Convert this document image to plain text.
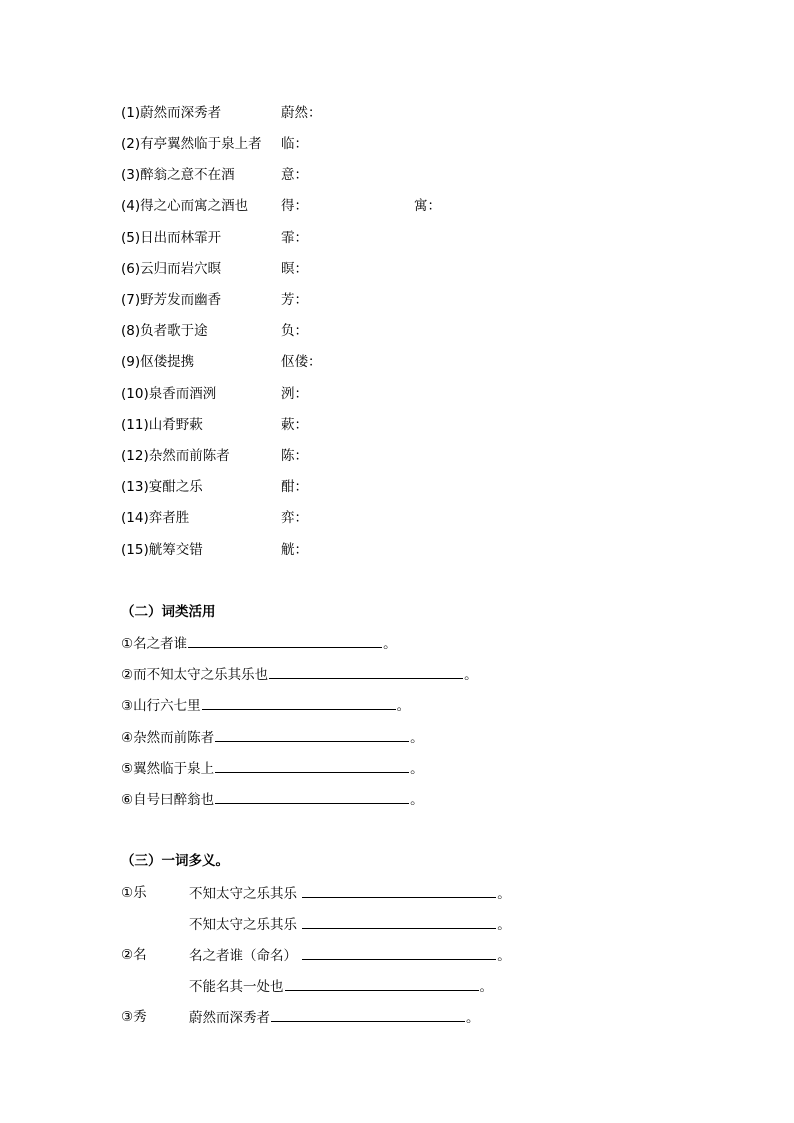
(1)蔚然而深秀者	蔚然：
(2)有亭翼然临于泉上者 临：
(3)醉翁之意不在酒	意：
(4)得之心而寓之酒也 得：	寓：
(5)日出而林霏开	霏：
(6)云归而岩穴暝	暝：
(7)野芳发而幽香	芳：
(8)负者歌于途	负：
(9)伛偻提携	伛偻：
(10)泉香而酒洌	洌：
(11)山肴野蔌	蔌：
(12)杂然而前陈者	陈：
(13)宴酣之乐	酣：
(14)弈者胜	弈：
(15)觥筹交错	觥：
（二）词类活用
①名之者谁	。
②而不知太守之乐其乐也	。
③山行六七里	。
④杂然而前陈者	。
⑤翼然临于泉上	。
⑥自号曰醉翁也	。
（三）一词多义。
①乐	不知太守之乐其乐	。
不知太守之乐其乐	。
②名	名之者谁（命名）	。
不能名其一处也	。
③秀	蔚然而深秀者	。
